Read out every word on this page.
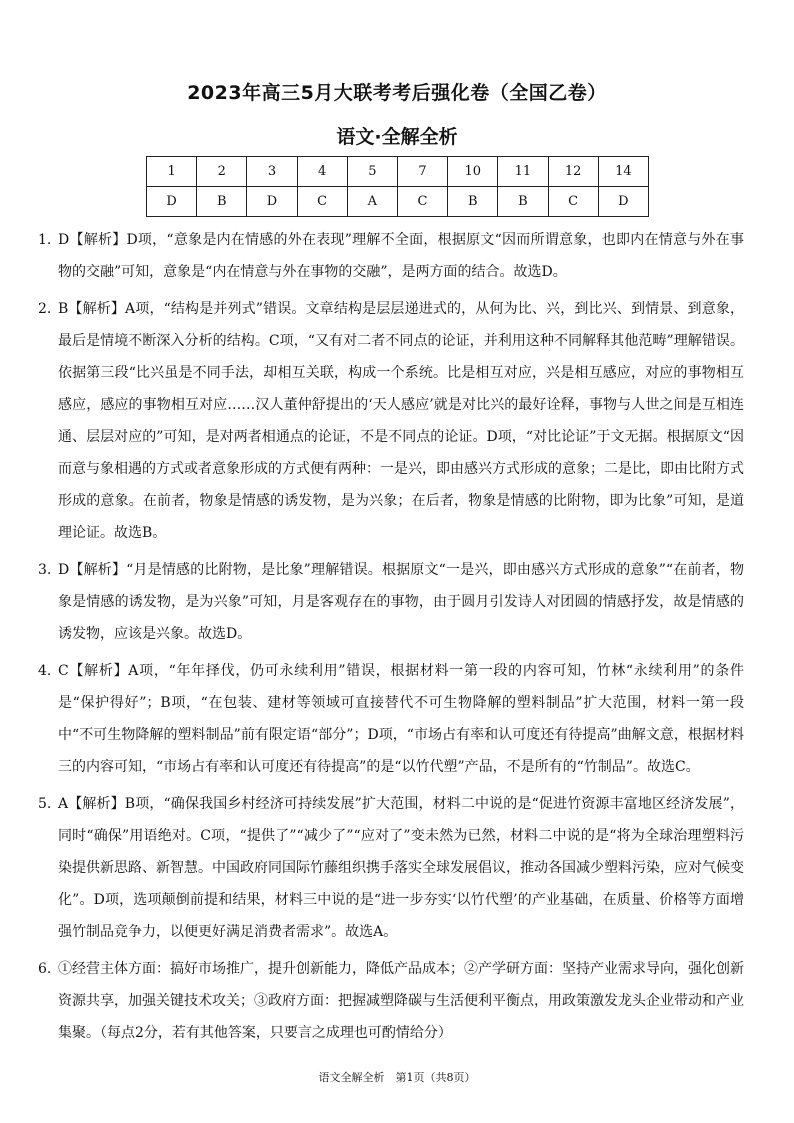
2023年高三5月大联考考后强化卷（全国乙卷）
语文·全解全析
1	2	3	4	5	7	10	11	12	14
D	B	D	C	A	C	B	B	C	D
1. D【解析】D项，“意象是内在情感的外在表现”理解不全面，根据原文“因而所谓意象，也即内在情意与外在事物的交融”可知，意象是“内在情意与外在事物的交融”，是两方面的结合。故选D。
2. B【解析】A项，“结构是并列式”错误。文章结构是层层递进式的，从何为比、兴，到比兴、到情景、到意象，最后是情境不断深入分析的结构。C项，“又有对二者不同点的论证，并利用这种不同解释其他范畴”理解错误。依据第三段“比兴虽是不同手法，却相互关联，构成一个系统。比是相互对应，兴是相互感应，对应的事物相互感应，感应的事物相互对应……汉人董仲舒提出的‘天人感应’就是对比兴的最好诠释，事物与人世之间是互相连通、层层对应的”可知，是对两者相通点的论证，不是不同点的论证。D项，“对比论证”于文无据。根据原文“因而意与象相遇的方式或者意象形成的方式便有两种：一是兴，即由感兴方式形成的意象；二是比，即由比附方式形成的意象。在前者，物象是情感的诱发物，是为兴象；在后者，物象是情感的比附物，即为比象”可知，是道理论证。故选B。
3. D【解析】“月是情感的比附物，是比象”理解错误。根据原文“一是兴，即由感兴方式形成的意象”“在前者，物象是情感的诱发物，是为兴象”可知，月是客观存在的事物，由于圆月引发诗人对团圆的情感抒发，故是情感的诱发物，应该是兴象。故选D。
4. C【解析】A项，“年年择伐，仍可永续利用”错误，根据材料一第一段的内容可知，竹林“永续利用”的条件是“保护得好”；B项，“在包装、建材等领域可直接替代不可生物降解的塑料制品”扩大范围，材料一第一段中“不可生物降解的塑料制品”前有限定语“部分”；D项，“市场占有率和认可度还有待提高”曲解文意，根据材料三的内容可知，“市场占有率和认可度还有待提高”的是“以竹代塑”产品，不是所有的“竹制品”。故选C。
5. A【解析】B项，“确保我国乡村经济可持续发展”扩大范围，材料二中说的是“促进竹资源丰富地区经济发展”，同时“确保”用语绝对。C项，“提供了”“减少了”“应对了”变未然为已然，材料二中说的是“将为全球治理塑料污染提供新思路、新智慧。中国政府同国际竹藤组织携手落实全球发展倡议，推动各国减少塑料污染，应对气候变化”。D项，选项颠倒前提和结果，材料三中说的是“进一步夯实‘以竹代塑’的产业基础，在质量、价格等方面增强竹制品竞争力，以便更好满足消费者需求”。故选A。
6. ①经营主体方面：搞好市场推广，提升创新能力，降低产品成本；②产学研方面：坚持产业需求导向，强化创新资源共享，加强关键技术攻关；③政府方面：把握减塑降碳与生活便利平衡点，用政策激发龙头企业带动和产业集聚。（每点2分，若有其他答案，只要言之成理也可酌情给分）
语文全解全析　第1页（共8页）
